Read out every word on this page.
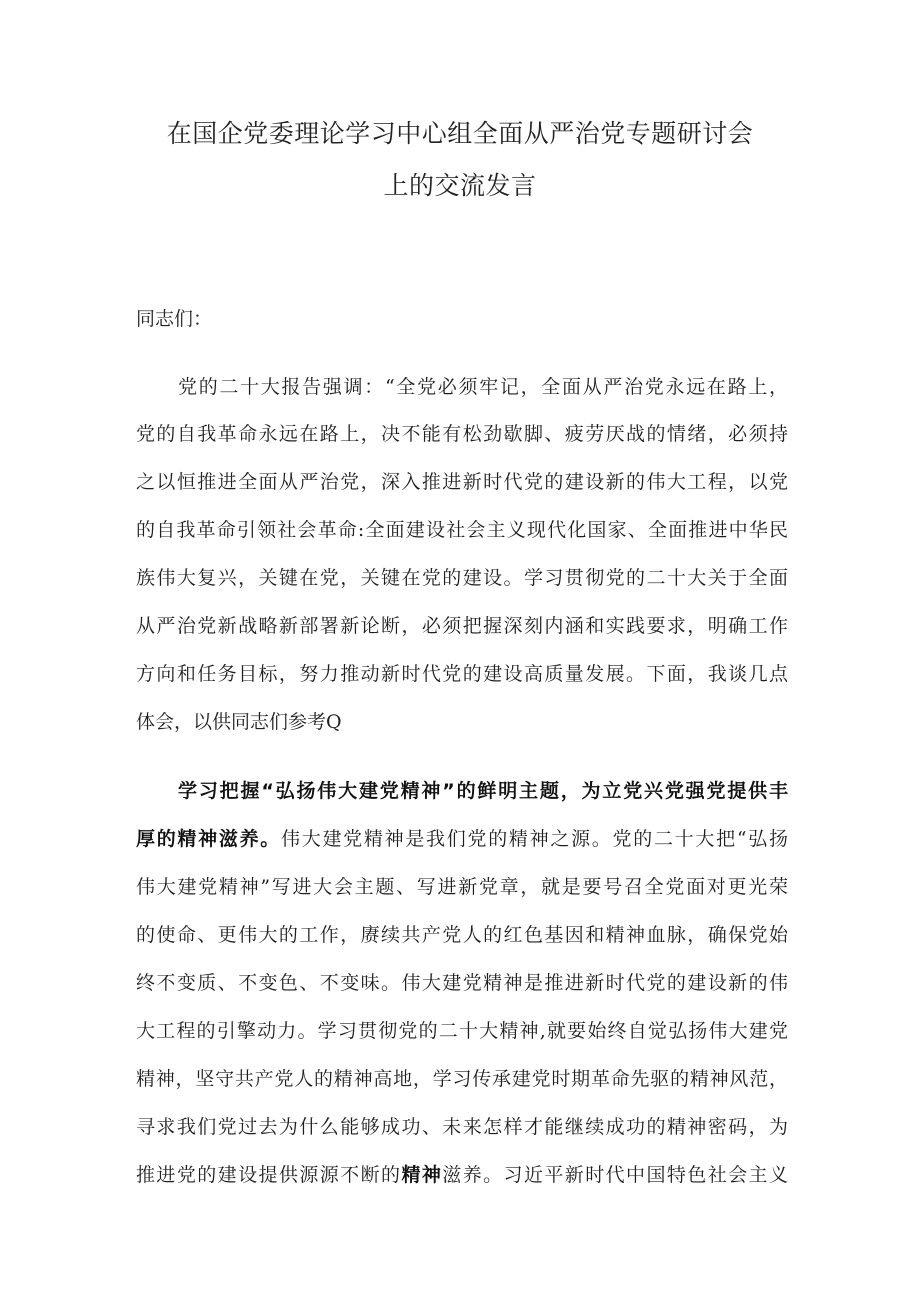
在国企党委理论学习中心组全面从严治党专题研讨会
上的交流发言
同志们：
党的二十大报告强调：“全党必须牢记，全面从严治党永远在路上，
党的自我革命永远在路上，决不能有松劲歇脚、疲劳厌战的情绪，必须持
之以恒推进全面从严治党，深入推进新时代党的建设新的伟大工程，以党
的自我革命引领社会革命:全面建设社会主义现代化国家、全面推进中华民
族伟大复兴，关键在党，关键在党的建设。学习贯彻党的二十大关于全面
从严治党新战略新部署新论断，必须把握深刻内涵和实践要求，明确工作
方向和任务目标，努力推动新时代党的建设高质量发展。下面，我谈几点
体会，以供同志们参考Q
学习把握“弘扬伟大建党精神”的鲜明主题，为立党兴党强党提供丰
厚的精神滋养。伟大建党精神是我们党的精神之源。党的二十大把“弘扬
伟大建党精神”写进大会主题、写进新党章，就是要号召全党面对更光荣
的使命、更伟大的工作，赓续共产党人的红色基因和精神血脉，确保党始
终不变质、不变色、不变味。伟大建党精神是推进新时代党的建设新的伟
大工程的引擎动力。学习贯彻党的二十大精神,就要始终自觉弘扬伟大建党
精神，坚守共产党人的精神高地，学习传承建党时期革命先驱的精神风范，
寻求我们党过去为什么能够成功、未来怎样才能继续成功的精神密码，为
推进党的建设提供源源不断的精神滋养。习近平新时代中国特色社会主义
